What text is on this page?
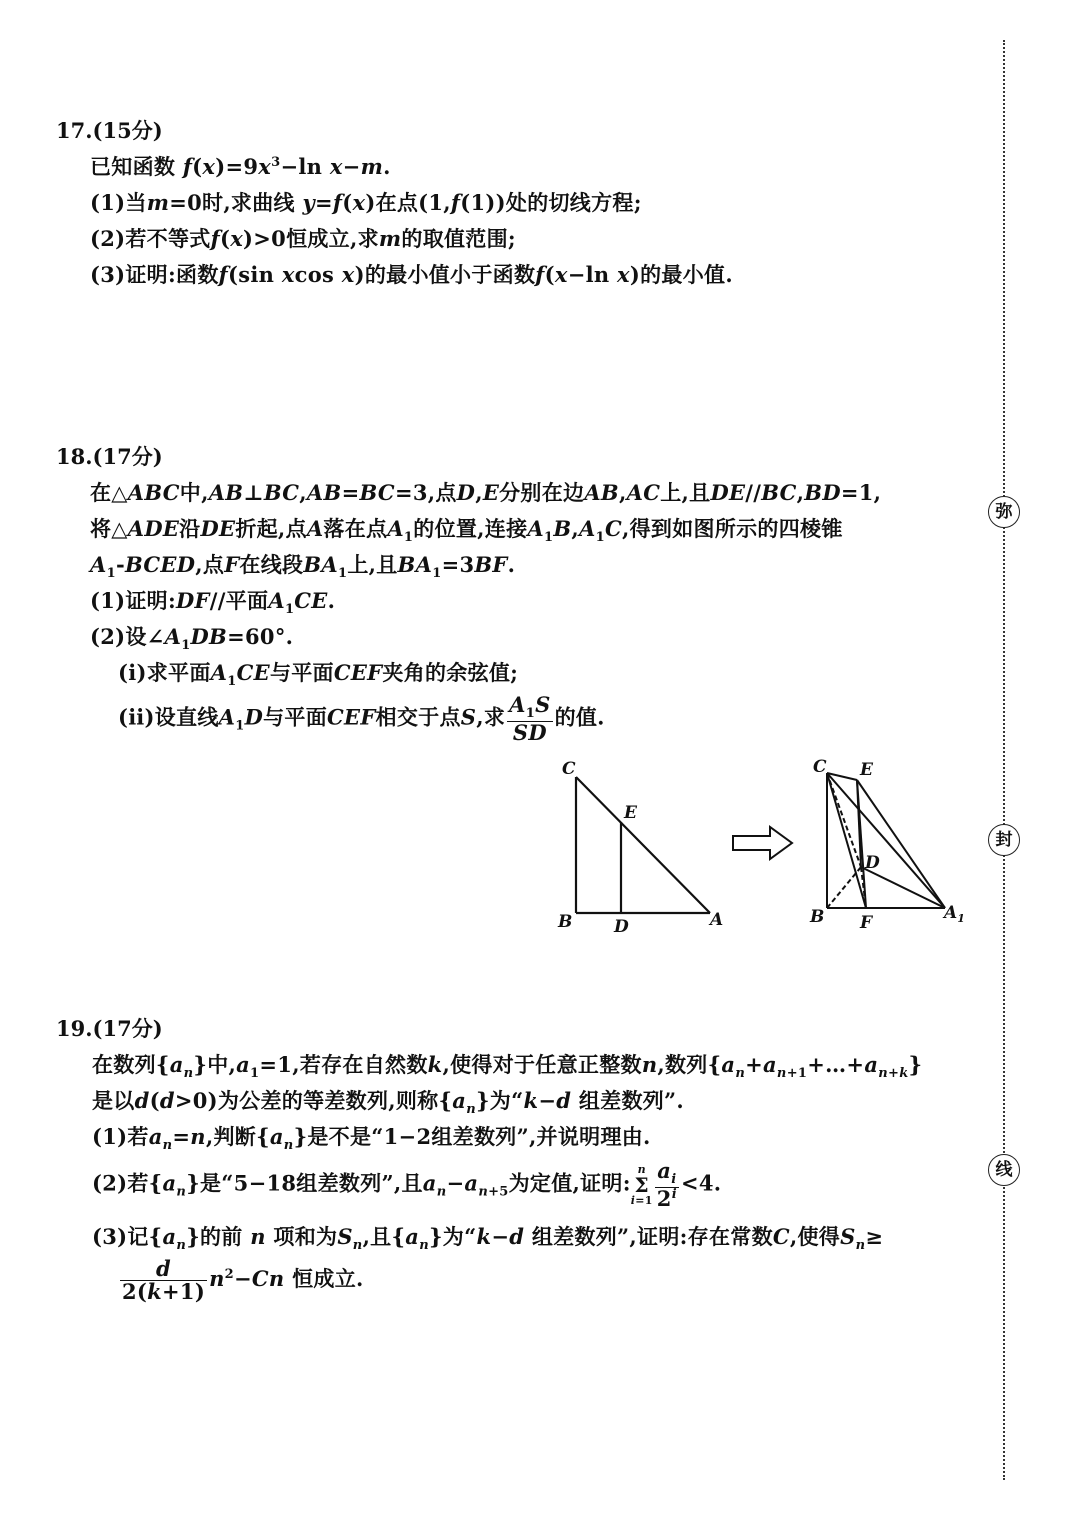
17.(15分)
已知函数 $f(x)=9x^3-\ln$ x−m.
(1)当m=0时,求曲线 y=f(x)在点(1,f(1))处的切线方程;
(2)若不等式f(x)>0恒成立,求m的取值范围;
(3)证明:函数f(sin xcos x)的最小值小于函数f(x−ln x)的最小值.
18.(17分)
在△ABC中,AB⊥BC,AB=BC=3,点D,E分别在边AB,AC上,且DE//BC,BD=1,
将△ADE沿DE折起,点A落在点$A_1$的位置,连接$A_1B,A_1C$,得到如图所示的四棱锥
$A_1$-BCED,点F在线段$BA_1$上,且$BA_1=3BF$.
(1)证明:DF//平面$A_1CE$.
(2)设$\angle A_1DB=60^\circ$.
(ⅰ)求平面$A_1CE$与平面CEF夹角的余弦值;
(ⅱ)设直线$A_1D$与平面CEF相交于点S,求 $\frac{A_1S}{SD}$ 的值.
C
E
B D	A
C E
D
B F	$A_1$
19.(17分)
在数列$\{a_n\}$中$,a_1=1$,若存在自然数k,使得对于任意正整数n,数列$\{a_n+a_{n+1}+\dots+a_{n+k}\}$
是以d(d>0)为公差的等差数列,则称$\{a_n\}$为“k−d 组差数列”.
(1)若$a_n=n$,判断$\{a_n\}$是不是“1−2组差数列”,并说明理由.
(2)若$\{a_n\}$是“5−18组差数列”,且$a_n-a_{n+5}$为定值,证明:
n
Σ
$i=1 \frac{a_i}{2^i} <4$.
(3)记$\{a_n\}$的前 n 项和为$S_n$,且$\{a_n\}$为“k−d 组差数列”,证明:存在常数C,使得$S_n\ge$
$\frac{d}{2(k+1)} n^2-Cn$ 恒成立.
弥
封
线
